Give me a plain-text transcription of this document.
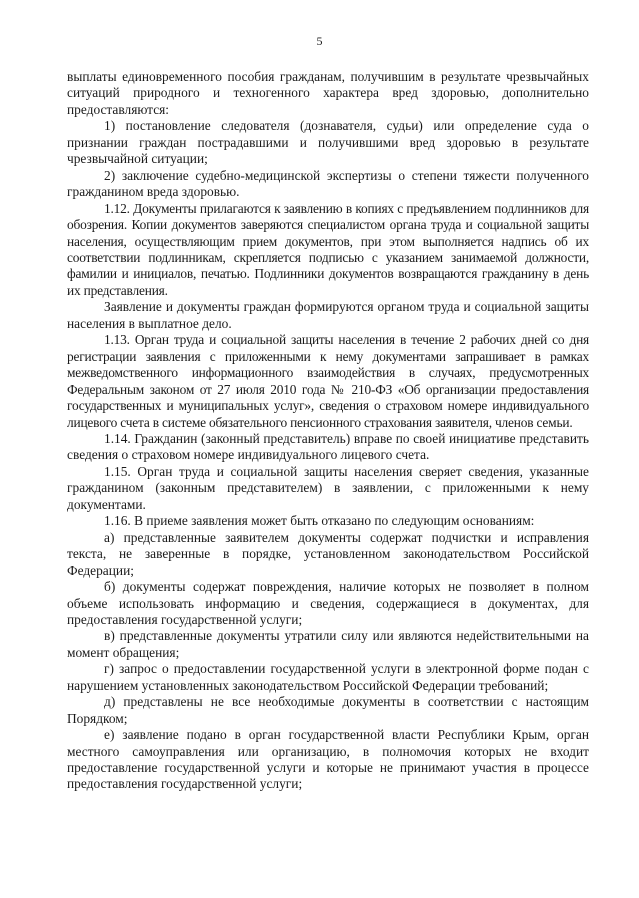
5

выплаты единовременного пособия гражданам, получившим в результате чрезвычайных ситуаций природного и техногенного характера вред здоровью, дополнительно предоставляются:

1) постановление следователя (дознавателя, судьи) или определение суда о признании граждан пострадавшими и получившими вред здоровью в результате чрезвычайной ситуации;

2) заключение судебно-медицинской экспертизы о степени тяжести полученного гражданином вреда здоровью.

1.12. Документы прилагаются к заявлению в копиях с предъявлением подлинников для обозрения. Копии документов заверяются специалистом органа труда и социальной защиты населения, осуществляющим прием документов, при этом выполняется надпись об их соответствии подлинникам, скрепляется подписью с указанием занимаемой должности, фамилии и инициалов, печатью. Подлинники документов возвращаются гражданину в день их представления.

Заявление и документы граждан формируются органом труда и социальной защиты населения в выплатное дело.

1.13. Орган труда и социальной защиты населения в течение 2 рабочих дней со дня регистрации заявления с приложенными к нему документами запрашивает в рамках межведомственного информационного взаимодействия в случаях, предусмотренных Федеральным законом от 27 июля 2010 года № 210-ФЗ «Об организации предоставления государственных и муниципальных услуг», сведения о страховом номере индивидуального лицевого счета в системе обязательного пенсионного страхования заявителя, членов семьи.

1.14. Гражданин (законный представитель) вправе по своей инициативе представить сведения о страховом номере индивидуального лицевого счета.

1.15. Орган труда и социальной защиты населения сверяет сведения, указанные гражданином (законным представителем) в заявлении, с приложенными к нему документами.

1.16. В приеме заявления может быть отказано по следующим основаниям:

а) представленные заявителем документы содержат подчистки и исправления текста, не заверенные в порядке, установленном законодательством Российской Федерации;

б) документы содержат повреждения, наличие которых не позволяет в полном объеме использовать информацию и сведения, содержащиеся в документах, для предоставления государственной услуги;

в) представленные документы утратили силу или являются недействительными на момент обращения;

г) запрос о предоставлении государственной услуги в электронной форме подан с нарушением установленных законодательством Российской Федерации требований;

д) представлены не все необходимые документы в соответствии с настоящим Порядком;

е) заявление подано в орган государственной власти Республики Крым, орган местного самоуправления или организацию, в полномочия которых не входит предоставление государственной услуги и которые не принимают участия в процессе предоставления государственной услуги;
